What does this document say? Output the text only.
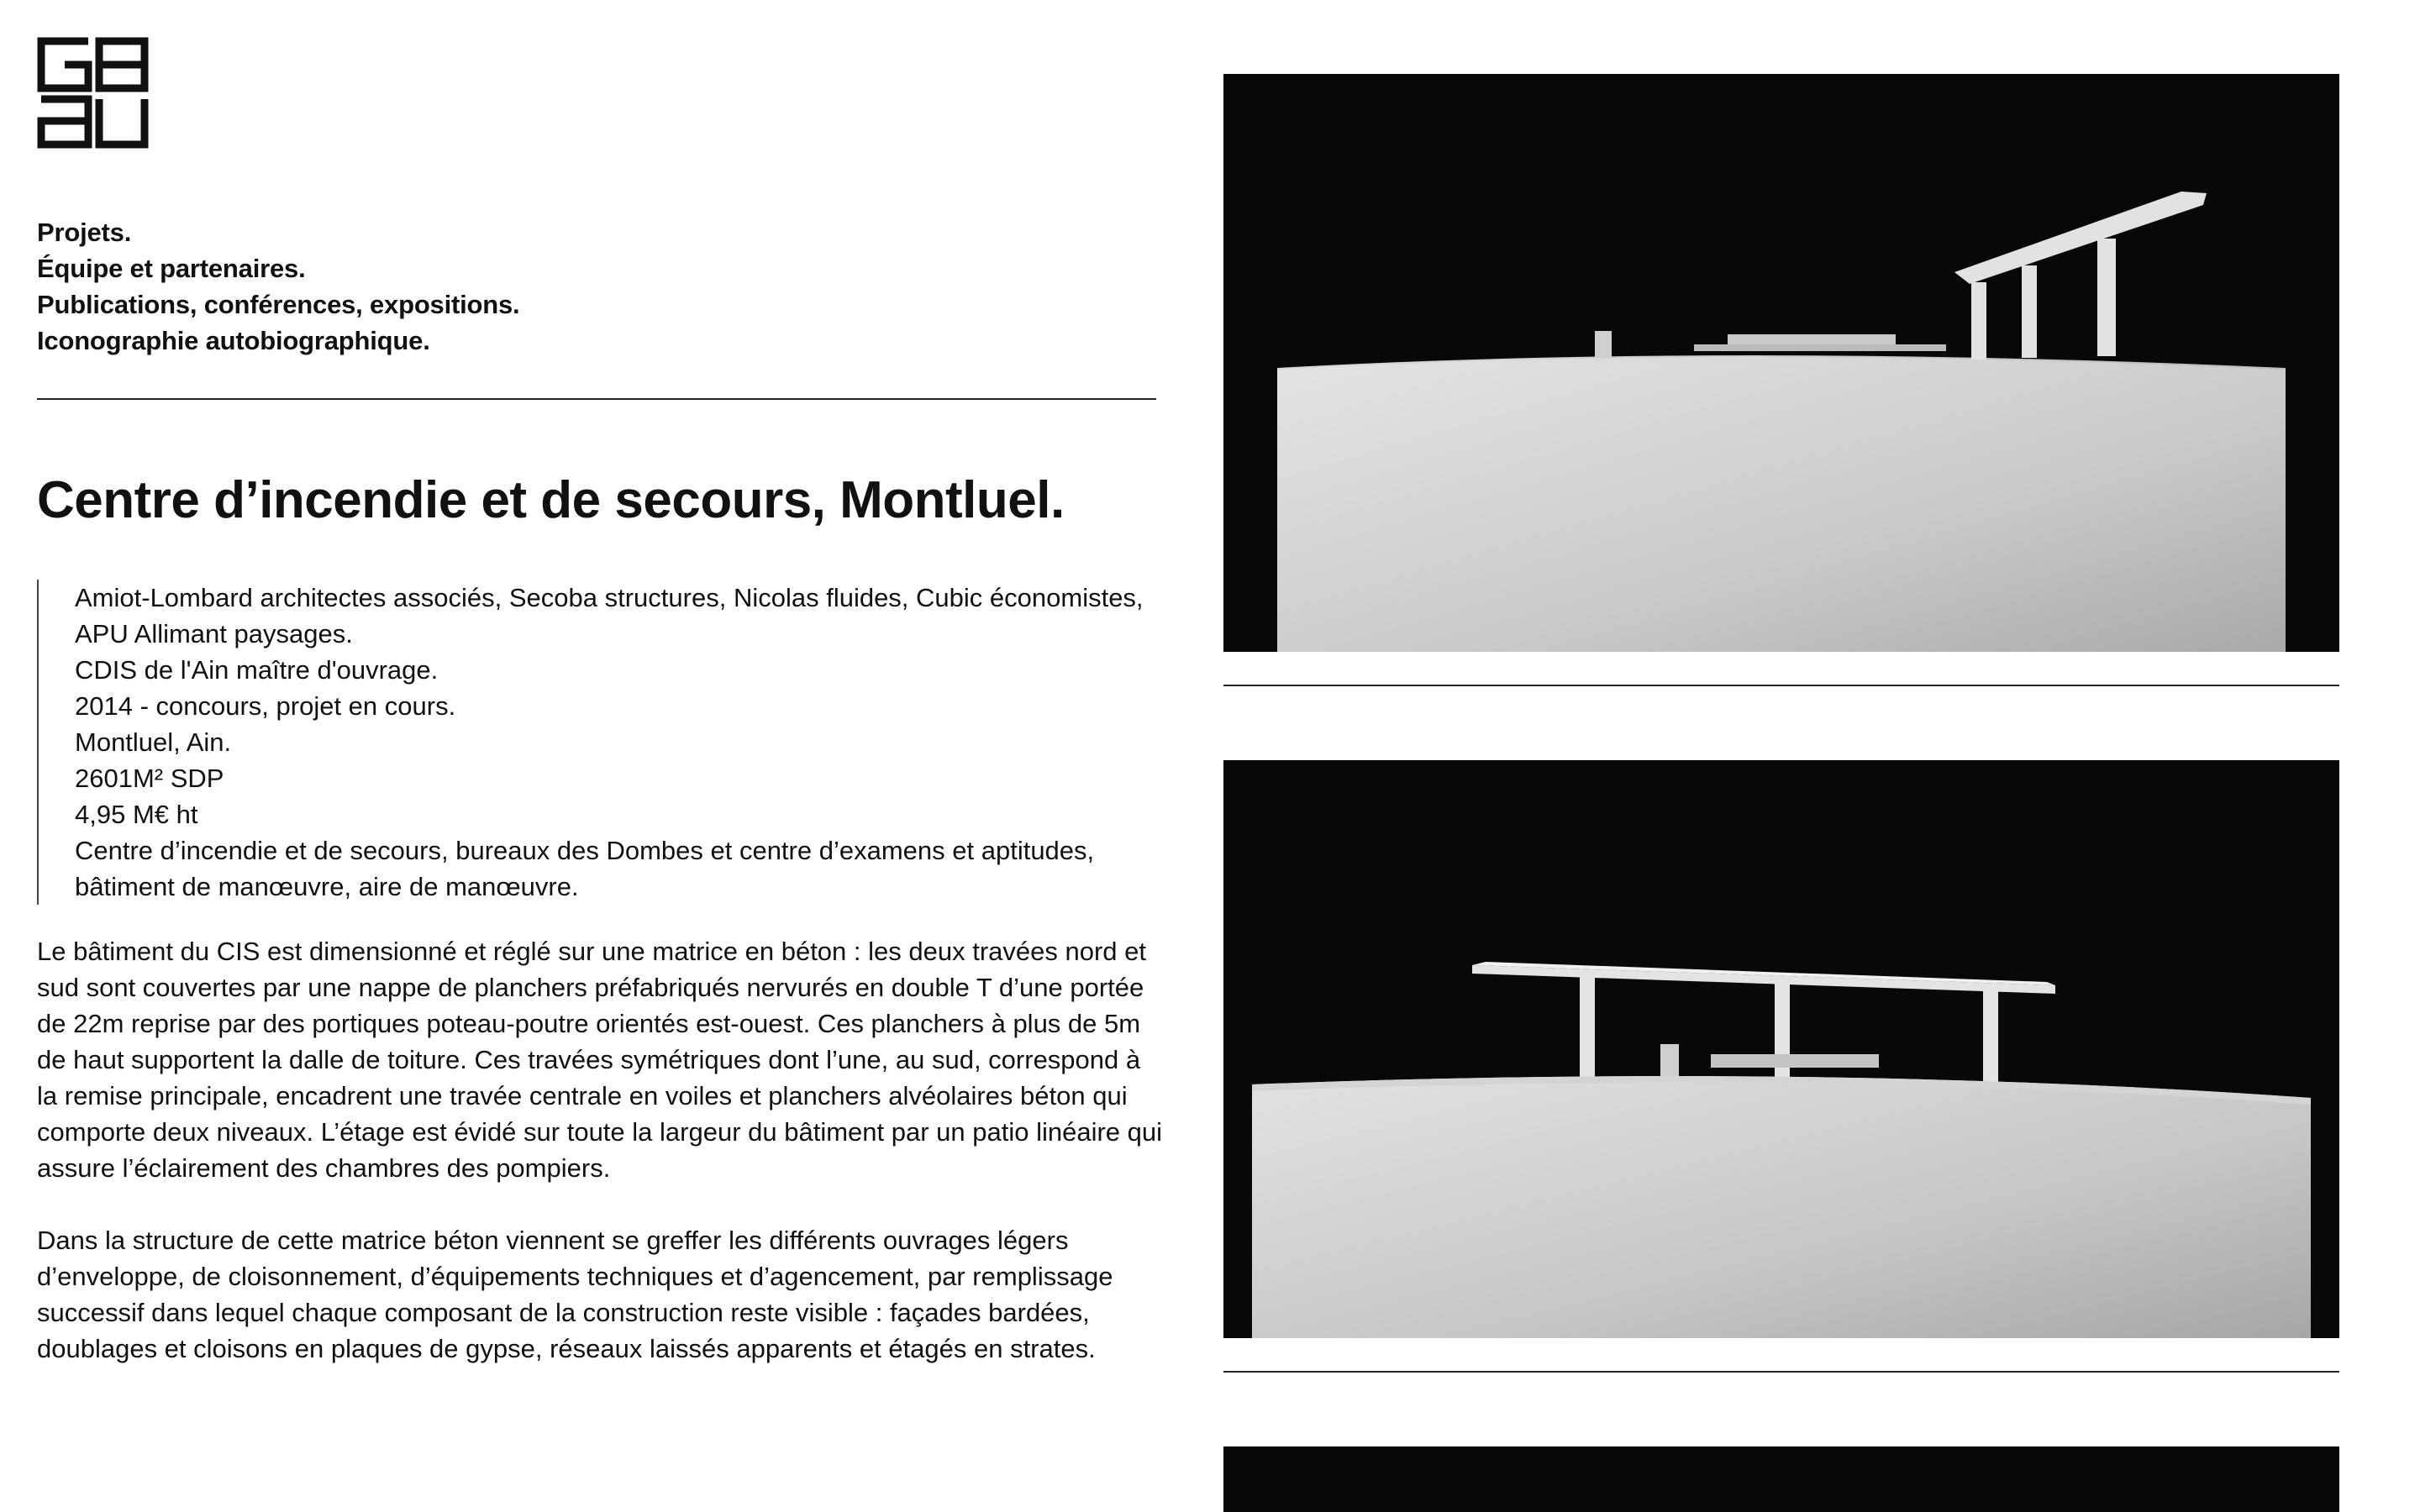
Projets.
Équipe et partenaires.
Publications, conférences, expositions.
Iconographie autobiographique.
Centre d’incendie et de secours, Montluel.
Amiot-Lombard architectes associés, Secoba structures, Nicolas fluides, Cubic économistes, APU Allimant paysages.
CDIS de l'Ain maître d'ouvrage.
2014 - concours, projet en cours.
Montluel, Ain.
2601M² SDP
4,95 M€ ht
Centre d’incendie et de secours, bureaux des Dombes et centre d’examens et aptitudes, bâtiment de manœuvre, aire de manœuvre.

Le bâtiment du CIS est dimensionné et réglé sur une matrice en béton : les deux travées nord et sud sont couvertes par une nappe de planchers préfabriqués nervurés en double T d’une portée de 22m reprise par des portiques poteau-poutre orientés est-ouest. Ces planchers à plus de 5m de haut supportent la dalle de toiture. Ces travées symétriques dont l’une, au sud, correspond à la remise principale, encadrent une travée centrale en voiles et planchers alvéolaires béton qui comporte deux niveaux. L’étage est évidé sur toute la largeur du bâtiment par un patio linéaire qui assure l’éclairement des chambres des pompiers.

Dans la structure de cette matrice béton viennent se greffer les différents ouvrages légers d’enveloppe, de cloisonnement, d’équipements techniques et d’agencement, par remplissage successif dans lequel chaque composant de la construction reste visible : façades bardées, doublages et cloisons en plaques de gypse, réseaux laissés apparents et étagés en strates.
